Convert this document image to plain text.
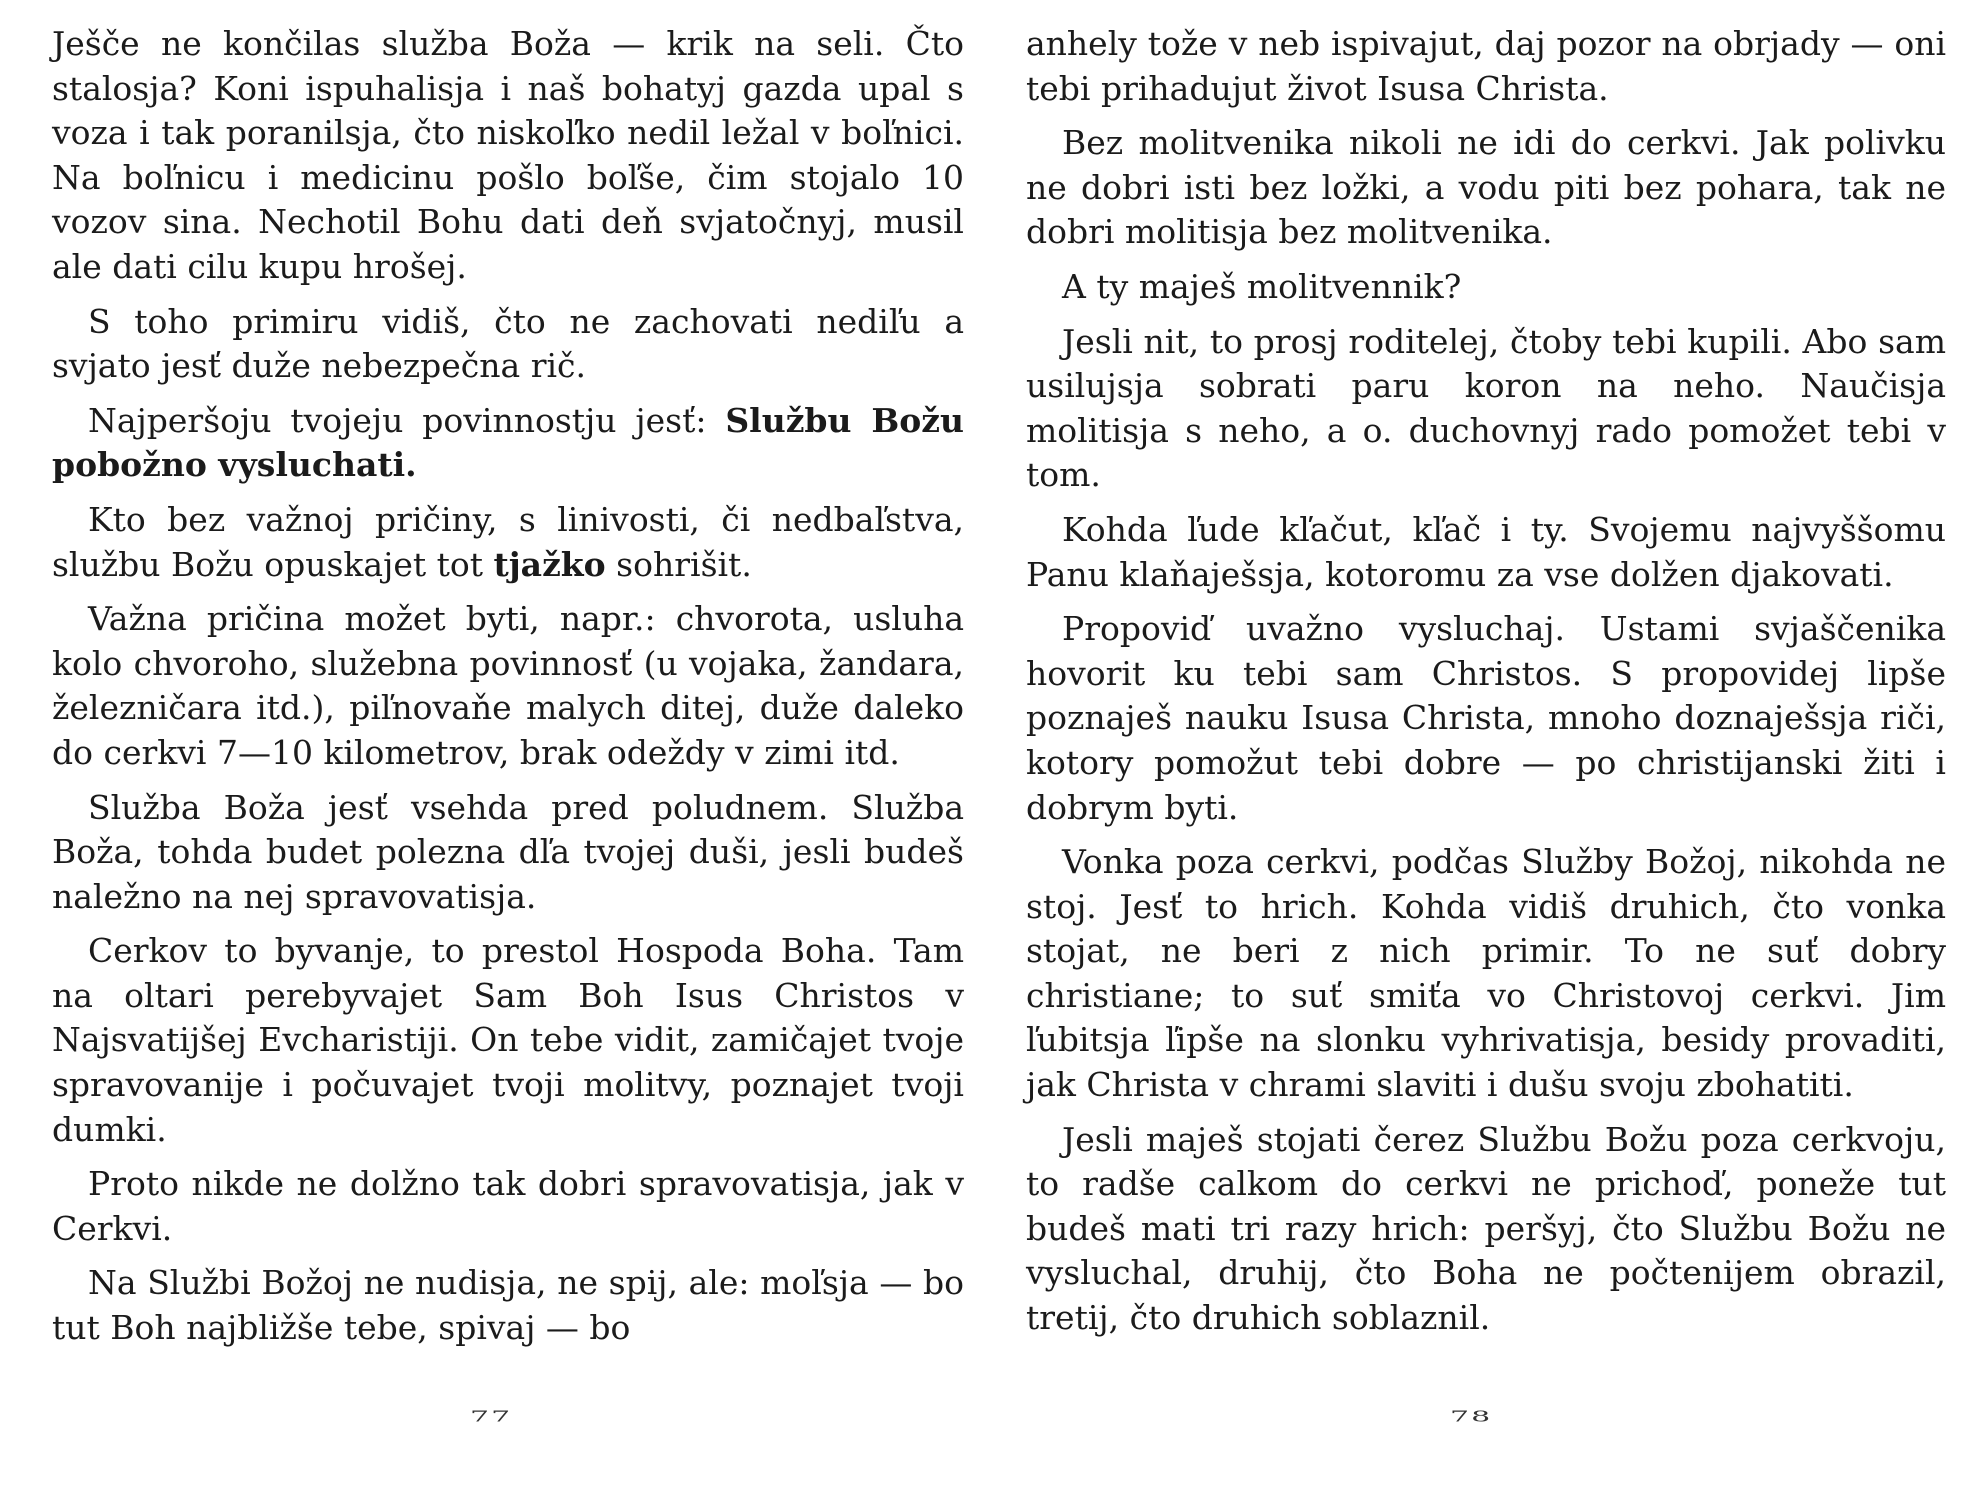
Ješče ne končilas služba Boža — krik na seli. Čto stalosja? Koni ispuhalisja i naš bohatyj gazda upal s voza i tak poranilsja, čto niskoľko nedil ležal v boľnici. Na boľnicu i medicinu pošlo boľše, čim stojalo 10 vozov sina. Nechotil Bohu dati deň svjatočnyj, musil ale dati cilu kupu hrošej.

S toho primiru vidiš, čto ne zachovati nediľu a svjato jesť duže nebezpečna rič.

Najperšoju tvojeju povinnostju jesť: Službu Božu pobožno vysluchati.

Kto bez važnoj pričiny, s linivosti, či nedbaľstva, službu Božu opuskajet tot tjažko sohrišit.

Važna pričina možet byti, napr.: chvorota, usluha kolo chvoroho, služebna povinnosť (u vojaka, žandara, železničara itd.), piľnovaňe malych ditej, duže daleko do cerkvi 7—10 kilometrov, brak odeždy v zimi itd.

Služba Boža jesť vsehda pred poludnem. Služba Boža, tohda budet polezna dľa tvojej duši, jesli budeš naležno na nej spravovatisja.

Cerkov to byvanje, to prestol Hospoda Boha. Tam na oltari perebyvajet Sam Boh Isus Christos v Najsvatijšej Evcharistiji. On tebe vidit, zamičajet tvoje spravovanije i počuvajet tvoji molitvy, poznajet tvoji dumki.

Proto nikde ne dolžno tak dobri spravovatisja, jak v Cerkvi.

Na Službi Božoj ne nudisja, ne spij, ale: moľsja — bo tut Boh najbližše tebe, spivaj — bo

77

anhely tože v neb ispivajut, daj pozor na obrjady — oni tebi prihadujut život Isusa Christa.

Bez molitvenika nikoli ne idi do cerkvi. Jak polivku ne dobri isti bez ložki, a vodu piti bez pohara, tak ne dobri molitisja bez molitvenika.

A ty maješ molitvennik?

Jesli nit, to prosj roditelej, čtoby tebi kupili. Abo sam usilujsja sobrati paru koron na neho. Naučisja molitisja s neho, a o. duchovnyj rado pomožet tebi v tom.

Kohda ľude kľačut, kľač i ty. Svojemu najvyššomu Panu klaňaješsja, kotoromu za vse dolžen djakovati.

Propoviď uvažno vysluchaj. Ustami svjaščenika hovorit ku tebi sam Christos. S propovidej lipše poznaješ nauku Isusa Christa, mnoho doznaješsja riči, kotory pomožut tebi dobre — po christijanski žiti i dobrym byti.

Vonka poza cerkvi, podčas Služby Božoj, nikohda ne stoj. Jesť to hrich. Kohda vidiš druhich, čto vonka stojat, ne beri z nich primir. To ne suť dobry christiane; to suť smiťa vo Christovoj cerkvi. Jim ľubitsja ľipše na slonku vyhrivatisja, besidy provaditi, jak Christa v chrami slaviti i dušu svoju zbohatiti.

Jesli maješ stojati čerez Službu Božu poza cerkvoju, to radše calkom do cerkvi ne prichoď, poneže tut budeš mati tri razy hrich: peršyj, čto Službu Božu ne vysluchal, druhij, čto Boha ne počtenijem obrazil, tretij, čto druhich soblaznil.

78
